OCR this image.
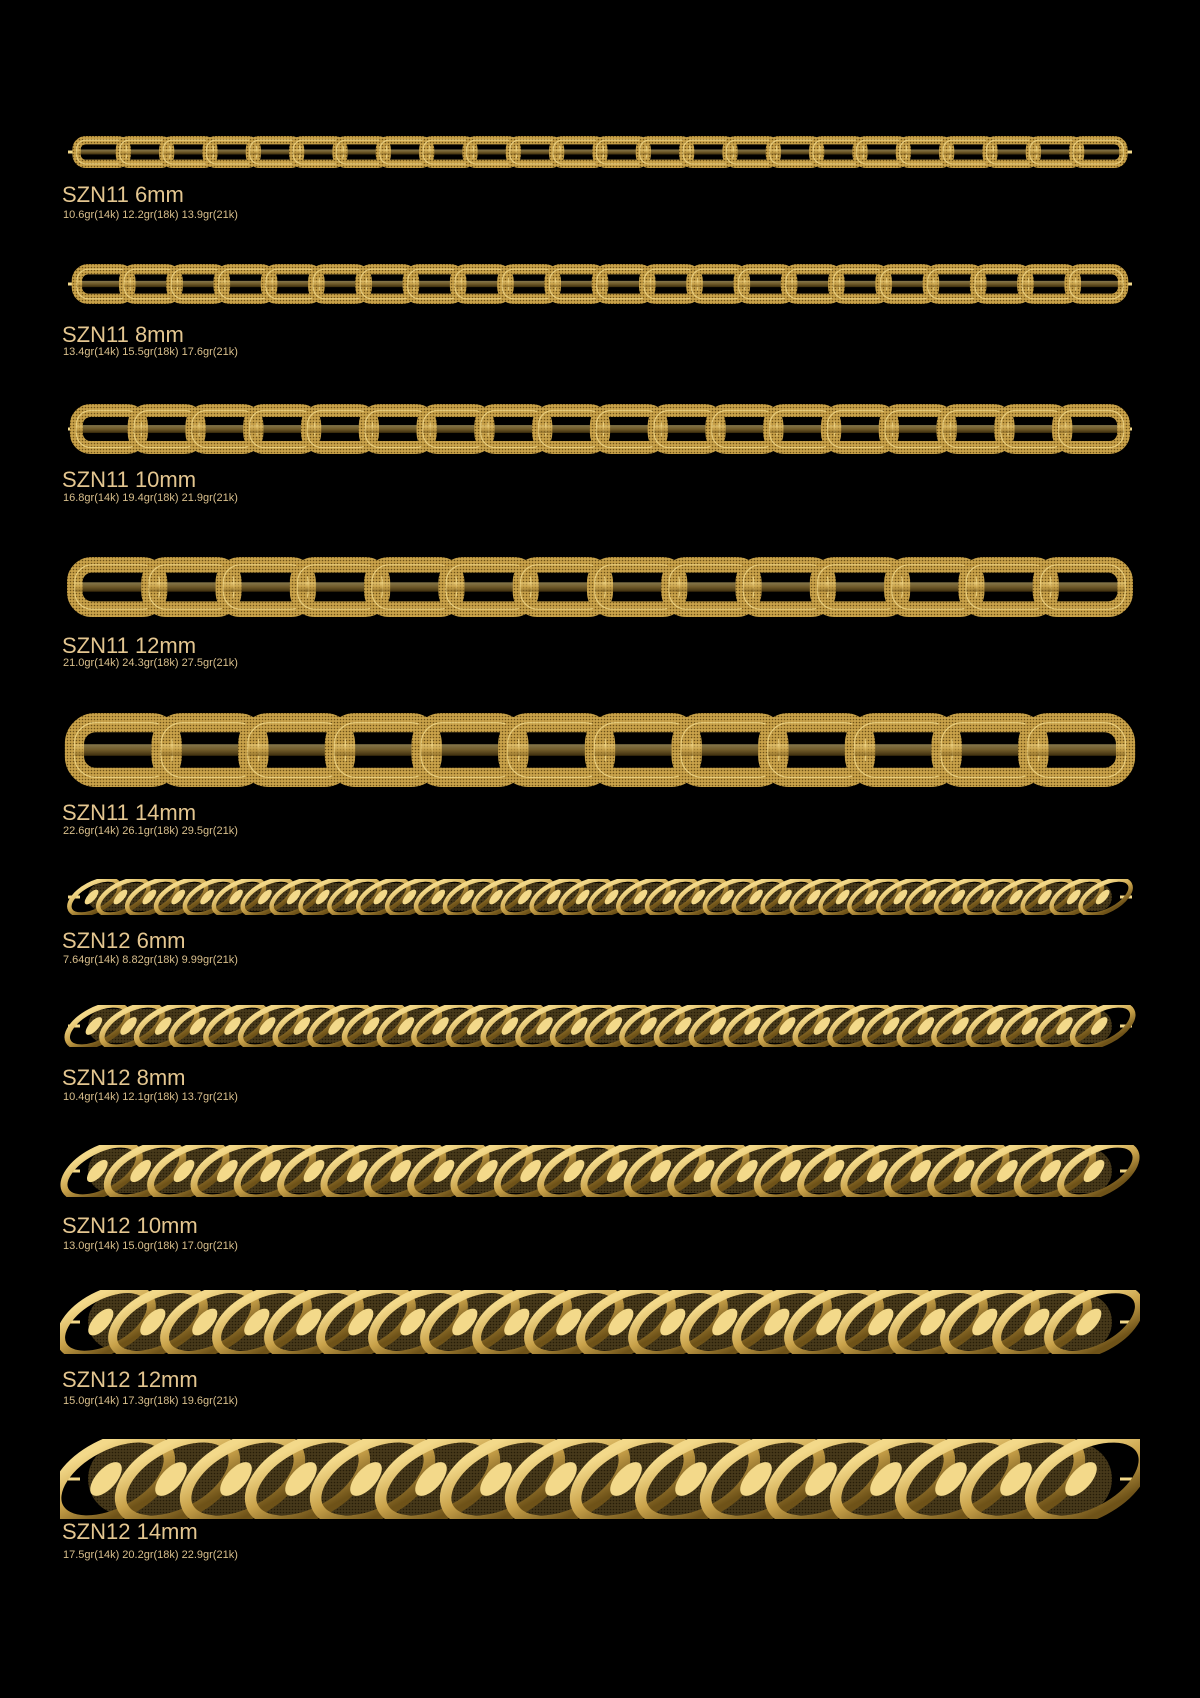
SZN11 6mm
10.6gr(14k) 12.2gr(18k) 13.9gr(21k)
SZN11 8mm
13.4gr(14k) 15.5gr(18k) 17.6gr(21k)
SZN11 10mm
16.8gr(14k) 19.4gr(18k) 21.9gr(21k)
SZN11 12mm
21.0gr(14k) 24.3gr(18k) 27.5gr(21k)
SZN11 14mm
22.6gr(14k) 26.1gr(18k) 29.5gr(21k)
SZN12 6mm
7.64gr(14k) 8.82gr(18k) 9.99gr(21k)
SZN12 8mm
10.4gr(14k) 12.1gr(18k) 13.7gr(21k)
SZN12 10mm
13.0gr(14k) 15.0gr(18k) 17.0gr(21k)
SZN12 12mm
15.0gr(14k) 17.3gr(18k) 19.6gr(21k)
SZN12 14mm
17.5gr(14k) 20.2gr(18k) 22.9gr(21k)
